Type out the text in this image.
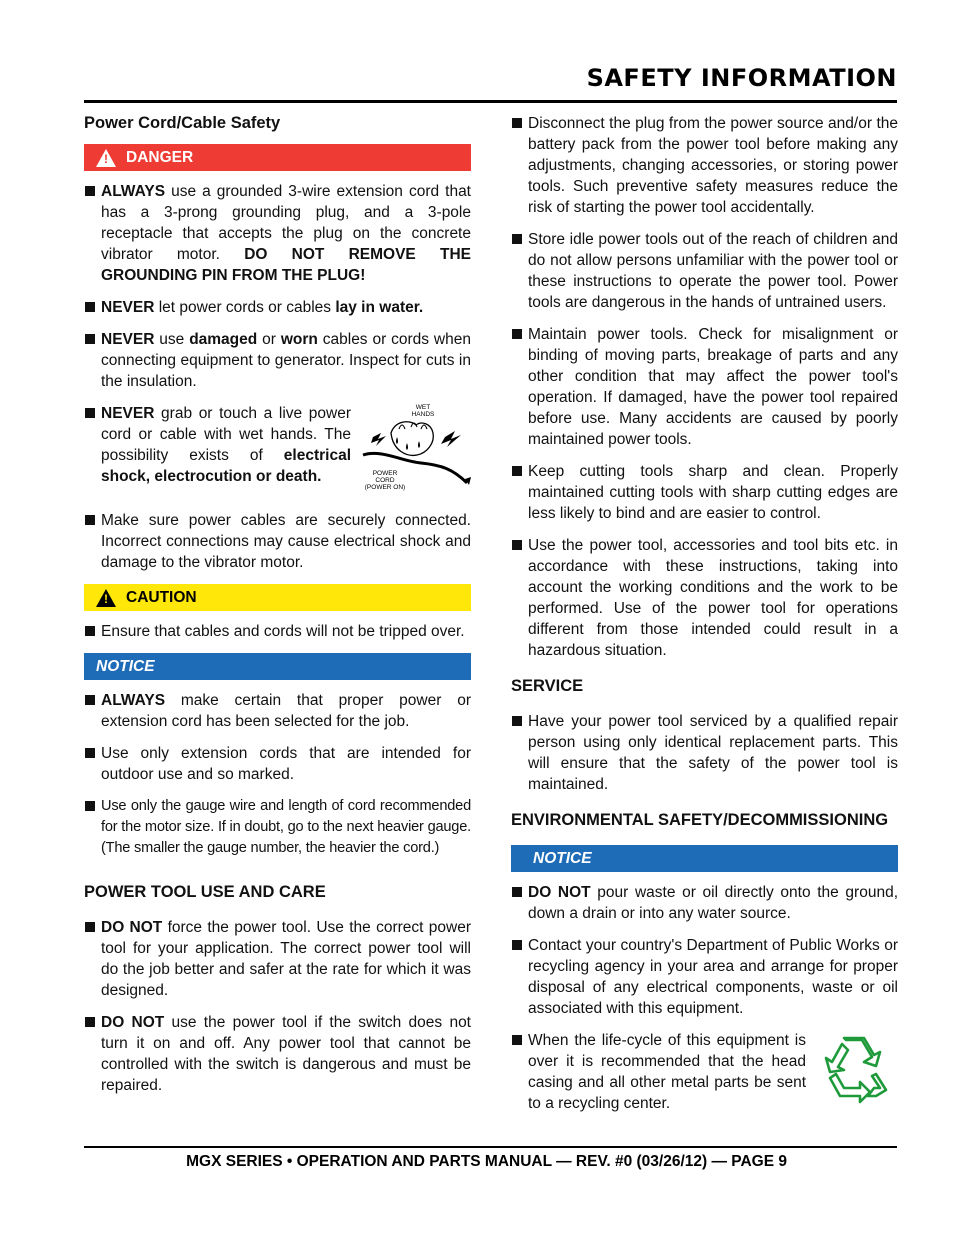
SAFETY INFORMATION
Power Cord/Cable Safety
! DANGER
ALWAYS use a grounded 3-wire extension cord that has a 3-prong grounding plug, and a 3-pole receptacle that accepts the plug on the concrete vibrator motor. DO NOT REMOVE THE GROUNDING PIN FROM THE PLUG!
NEVER let power cords or cables lay in water.
NEVER use damaged or worn cables or cords when connecting equipment to generator. Inspect for cuts in the insulation.
NEVER grab or touch a live power cord or cable with wet hands. The possibility exists of electrical shock, electrocution or death.
WET
HANDS
POWER
CORD
(POWER ON)
Make sure power cables are securely connected. Incorrect connections may cause electrical shock and damage to the vibrator motor.
! CAUTION
Ensure that cables and cords will not be tripped over.
NOTICE
ALWAYS make certain that proper power or extension cord has been selected for the job.
Use only extension cords that are intended for outdoor use and so marked.
Use only the gauge wire and length of cord recommended for the motor size. If in doubt, go to the next heavier gauge. (The smaller the gauge number, the heavier the cord.)
POWER TOOL USE AND CARE
DO NOT force the power tool. Use the correct power tool for your application. The correct power tool will do the job better and safer at the rate for which it was designed.
DO NOT use the power tool if the switch does not turn it on and off. Any power tool that cannot be controlled with the switch is dangerous and must be repaired.
Disconnect the plug from the power source and/or the battery pack from the power tool before making any adjustments, changing accessories, or storing power tools. Such preventive safety measures reduce the risk of starting the power tool accidentally.
Store idle power tools out of the reach of children and do not allow persons unfamiliar with the power tool or these instructions to operate the power tool. Power tools are dangerous in the hands of untrained users.
Maintain power tools. Check for misalignment or binding of moving parts, breakage of parts and any other condition that may affect the power tool's operation. If damaged, have the power tool repaired before use. Many accidents are caused by poorly maintained power tools.
Keep cutting tools sharp and clean. Properly maintained cutting tools with sharp cutting edges are less likely to bind and are easier to control.
Use the power tool, accessories and tool bits etc. in accordance with these instructions, taking into account the working conditions and the work to be performed. Use of the power tool for operations different from those intended could result in a hazardous situation.
SERVICE
Have your power tool serviced by a qualified repair person using only identical replacement parts. This will ensure that the safety of the power tool is maintained.
ENVIRONMENTAL SAFETY/DECOMMISSIONING
NOTICE
DO NOT pour waste or oil directly onto the ground, down a drain or into any water source.
Contact your country's Department of Public Works or recycling agency in your area and arrange for proper disposal of any electrical components, waste or oil associated with this equipment.
When the life-cycle of this equipment is over it is recommended that the head casing and all other metal parts be sent to a recycling center.
MGX SERIES • OPERATION AND PARTS MANUAL — REV. #0 (03/26/12) — PAGE 9
